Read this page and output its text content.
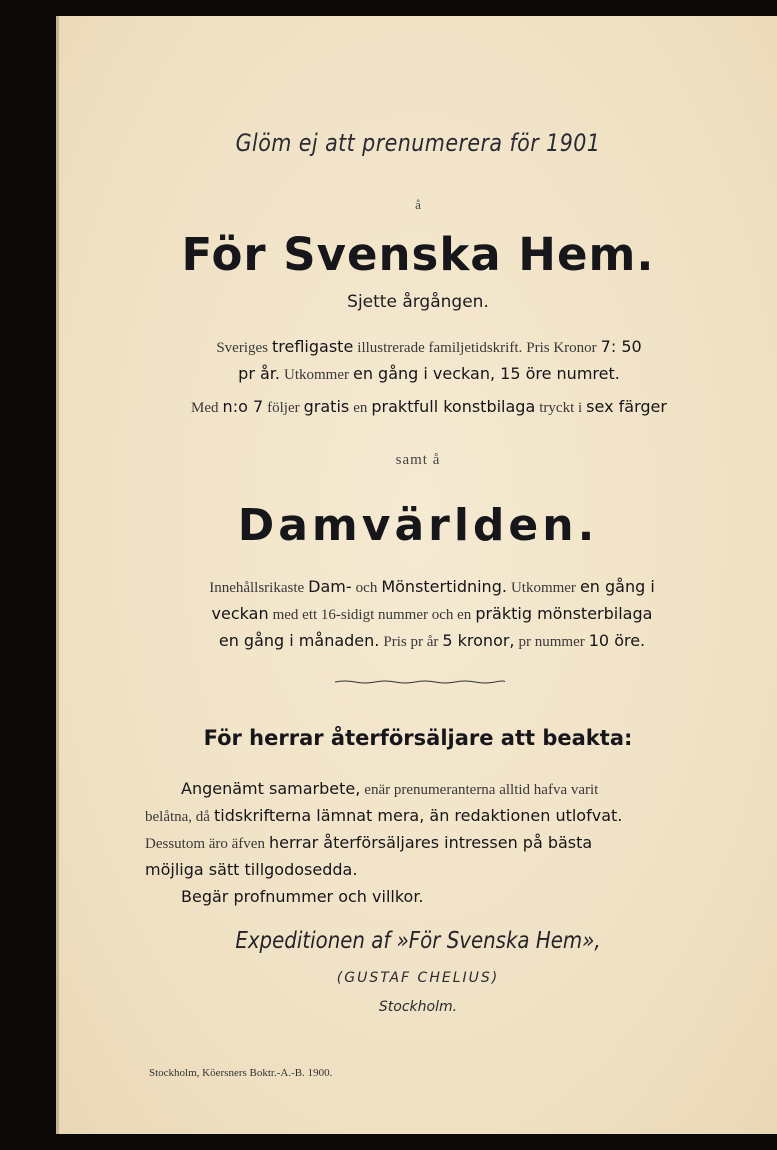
Glöm ej att prenumerera för 1901
å
För Svenska Hem.
Sjette årgången.
Sveriges trefligaste illustrerade familjetidskrift. Pris Kronor 7: 50
pr år. Utkommer en gång i veckan, 15 öre numret.
Med n:o 7 följer gratis en praktfull konstbilaga tryckt i sex färger
samt å
Damvärlden.
Innehållsrikaste Dam- och Mönstertidning. Utkommer en gång i
veckan med ett 16-sidigt nummer och en präktig mönsterbilaga
en gång i månaden. Pris pr år 5 kronor, pr nummer 10 öre.
För herrar återförsäljare att beakta:
Angenämt samarbete, enär prenumeranterna alltid hafva varit
belåtna, då tidskrifterna lämnat mera, än redaktionen utlofvat.
Dessutom äro äfven herrar återförsäljares intressen på bästa
möjliga sätt tillgodosedda.
Begär profnummer och villkor.
Expeditionen af »För Svenska Hem»,
(GUSTAF CHELIUS)
Stockholm.
Stockholm, Köersners Boktr.-A.-B. 1900.
